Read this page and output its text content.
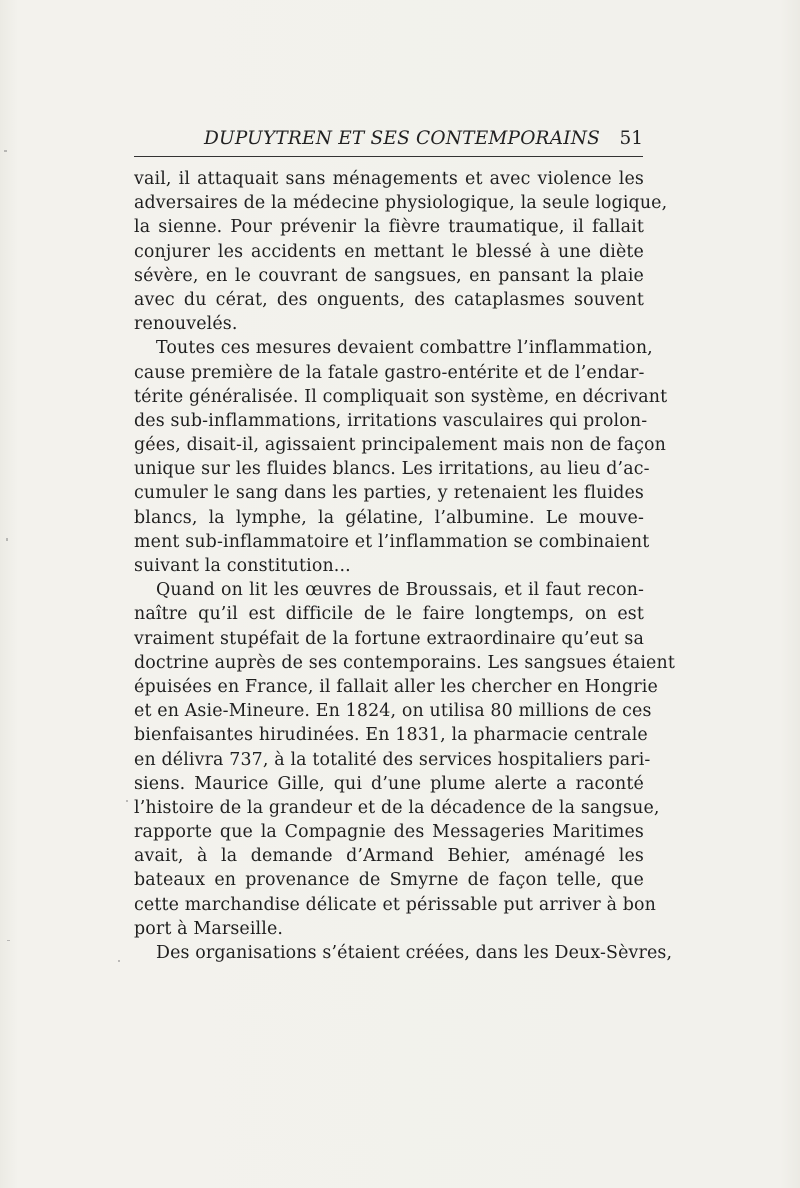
DUPUYTREN ET SES CONTEMPORAINS 51
vail, il attaquait sans ménagements et avec violence les
adversaires de la médecine physiologique, la seule logique,
la sienne. Pour prévenir la fièvre traumatique, il fallait
conjurer les accidents en mettant le blessé à une diète
sévère, en le couvrant de sangsues, en pansant la plaie
avec du cérat, des onguents, des cataplasmes souvent
renouvelés.
Toutes ces mesures devaient combattre l’inflammation,
cause première de la fatale gastro-entérite et de l’endar-
térite généralisée. Il compliquait son système, en décrivant
des sub-inflammations, irritations vasculaires qui prolon-
gées, disait-il, agissaient principalement mais non de façon
unique sur les fluides blancs. Les irritations, au lieu d’ac-
cumuler le sang dans les parties, y retenaient les fluides
blancs, la lymphe, la gélatine, l’albumine. Le mouve-
ment sub-inflammatoire et l’inflammation se combinaient
suivant la constitution...
Quand on lit les œuvres de Broussais, et il faut recon-
naître qu’il est difficile de le faire longtemps, on est
vraiment stupéfait de la fortune extraordinaire qu’eut sa
doctrine auprès de ses contemporains. Les sangsues étaient
épuisées en France, il fallait aller les chercher en Hongrie
et en Asie-Mineure. En 1824, on utilisa 80 millions de ces
bienfaisantes hirudinées. En 1831, la pharmacie centrale
en délivra 737, à la totalité des services hospitaliers pari-
siens. Maurice Gille, qui d’une plume alerte a raconté
l’histoire de la grandeur et de la décadence de la sangsue,
rapporte que la Compagnie des Messageries Maritimes
avait, à la demande d’Armand Behier, aménagé les
bateaux en provenance de Smyrne de façon telle, que
cette marchandise délicate et périssable put arriver à bon
port à Marseille.
Des organisations s’étaient créées, dans les Deux-Sèvres,
